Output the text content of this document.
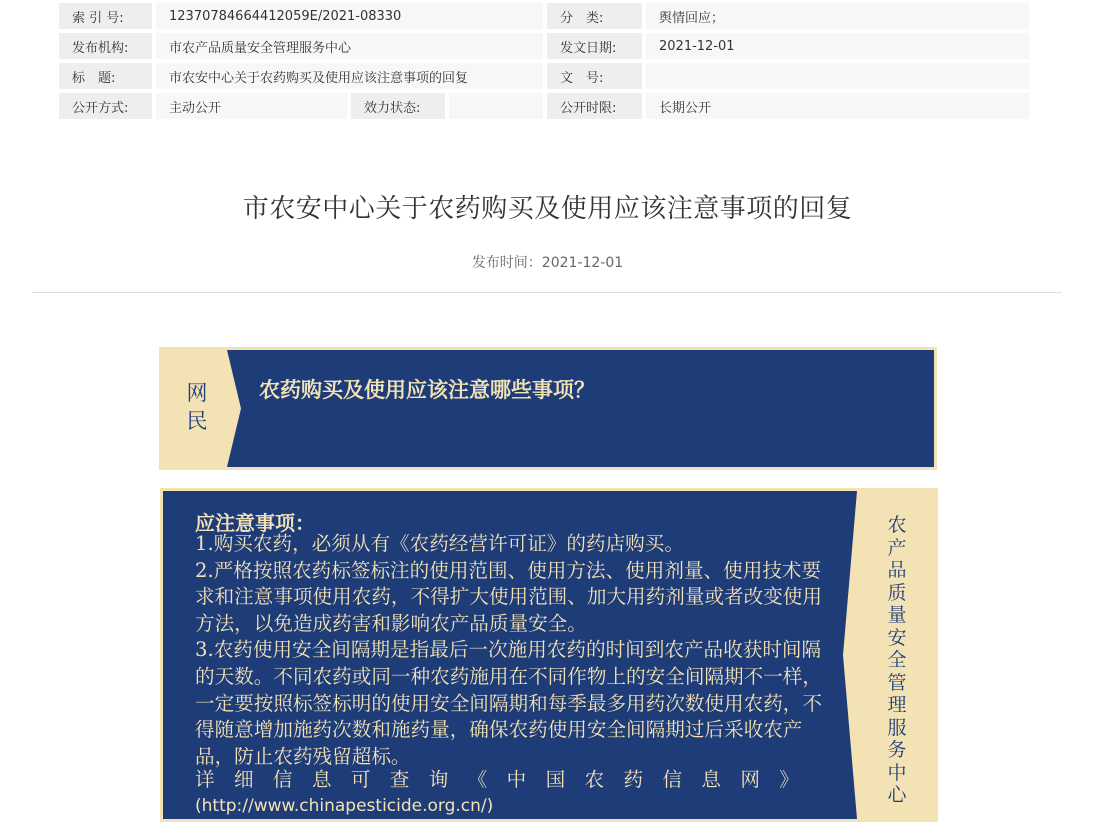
索 引 号:	12370784664412059E/2021-08330			分　类:	舆情回应；
发布机构:	市农产品质量安全管理服务中心			发文日期:	2021-12-01
标　题:	市农安中心关于农药购买及使用应该注意事项的回复			文　号:	
公开方式:	主动公开	效力状态:		公开时限:	长期公开
市农安中心关于农药购买及使用应该注意事项的回复
发布时间：2021-12-01
网
民
农药购买及使用应该注意哪些事项？
应注意事项：

1.购买农药，必须从有《农药经营许可证》的药店购买。

2.严格按照农药标签标注的使用范围、使用方法、使用剂量、使用技术要求和注意事项使用农药，不得扩大使用范围、加大用药剂量或者改变使用方法，以免造成药害和影响农产品质量安全。

3.农药使用安全间隔期是指最后一次施用农药的时间到农产品收获时间隔的天数。不同农药或同一种农药施用在不同作物上的安全间隔期不一样，一定要按照标签标明的使用安全间隔期和每季最多用药次数使用农药，不得随意增加施药次数和施药量，确保农药使用安全间隔期过后采收农产品，防止农药残留超标。

详 细 信 息 可 查 询 《 中 国 农 药 信 息 网 》
(http://www.chinapesticide.org.cn/)
农
产
品
质
量
安
全
管
理
服
务
中
心
